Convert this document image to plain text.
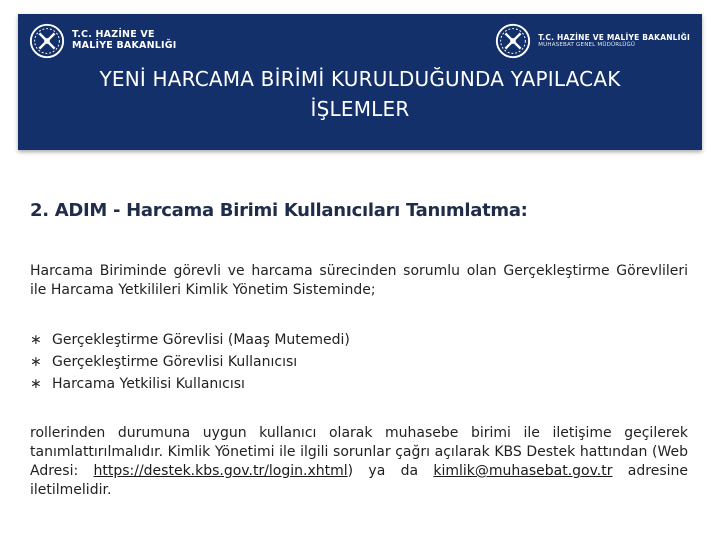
T.C. HAZİNE VE
MALİYE BAKANLIĞI
T.C. HAZİNE VE MALİYE BAKANLIĞI
MUHASEBAT GENEL MÜDÜRLÜĞÜ
YENİ HARCAMA BİRİMİ KURULDUĞUNDA YAPILACAK
İŞLEMLER
2. ADIM - Harcama Birimi Kullanıcıları Tanımlatma:

Harcama Biriminde görevli ve harcama sürecinden sorumlu olan Gerçekleştirme Görevlileri ile Harcama Yetkilileri Kimlik Yönetim Sisteminde;

∗ Gerçekleştirme Görevlisi (Maaş Mutemedi)
∗ Gerçekleştirme Görevlisi Kullanıcısı
∗ Harcama Yetkilisi Kullanıcısı

rollerinden durumuna uygun kullanıcı olarak muhasebe birimi ile iletişime geçilerek tanımlattırılmalıdır. Kimlik Yönetimi ile ilgili sorunlar çağrı açılarak KBS Destek hattından (Web Adresi: https://destek.kbs.gov.tr/login.xhtml) ya da kimlik@muhasebat.gov.tr adresine iletilmelidir.
